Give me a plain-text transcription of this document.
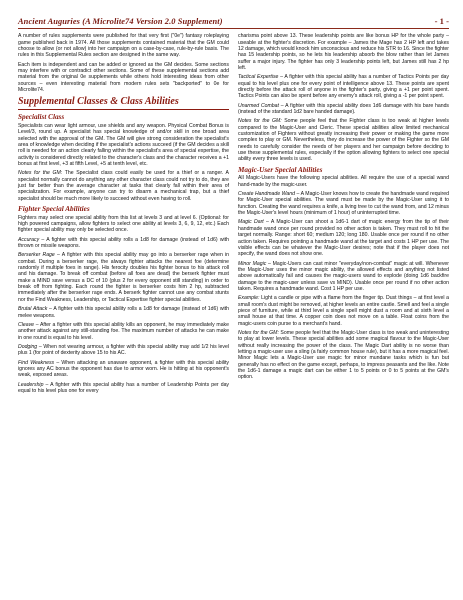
Ancient Auguries (A Microlite74 Version 2.0 Supplement)	- 1 -

A number of rules supplements were published for that very first ("0e") fantasy roleplaying game published back in 1974. All those supplements contained material that the GM could choose to allow (or not allow) into her campaign on a case-by-case, rule-by-rule basis. The rules in this Supplemental Rules section are designed in the same way.

Each item is independent and can be added or ignored as the GM decides. Some sections may interfere with or contradict other sections. Some of these supplemental sections add material from the original 0e supplements while others hold interesting ideas from other sources – even interesting material from modern rules sets "backported" to 0e for Microlite74.

Supplemental Classes & Class Abilities
Specialist Class

Specialists can wear light armour, use shields and any weapon. Physical Combat Bonus is Level/3, round up. A specialist has special knowledge of and/or skill in one broad area selected with the approval of the GM. The GM will give strong consideration the specialist's area of knowledge when deciding if the specialist's actions succeed (if the GM decides a skill roll is needed for an action clearly falling within the specialist's area of special expertise, the activity is considered directly related to the character's class and the character receives a +1 bonus at first level, +3 at fifth Level, +5 at tenth level, etc.

Notes for the GM: The Specialist class could easily be used for a thief or a ranger. A specialist normally cannot do anything any other character class could not try to do, they are just far better than the average character at tasks that clearly fall within their area of specialization. For example, anyone can try to disarm a mechanical trap, but a thief specialist should be much more likely to succeed without even having to roll.

Fighter Special Abilities

Fighters may select one special ability from this list at levels 3 and at level 6. (Optional: for high powered campaigns, allow fighters to select one ability at levels 3, 6, 9, 12, etc.) Each fighter special ability may only be selected once.

Accuracy – A fighter with this special ability rolls a 1d8 for damage (instead of 1d6) with thrown or missile weapons.

Berserker Rage – A fighter with this special ability may go into a berserker rage when in combat. During a berserker rage, the always fighter attacks the nearest foe (determine randomly if multiple foes in range). His ferocity doubles his fighter bonus to his attack roll and his damage. To break off combat (before all foes are dead) the berserk fighter must make a MIND save versus a DC of 10 (plus 2 for every opponent still standing) in order to break off from fighting. Each round the fighter is berserker costs him 2 hp, subtracted immediately after the berserker rage ends. A berserk fighter cannot use any combat stunts nor the Find Weakness, Leadership, or Tactical Expertise fighter special abilities.

Brutal Attack – A fighter with this special ability rolls a 1d8 for damage (instead of 1d6) with melee weapons.

Cleave – After a fighter with this special ability kills an opponent, he may immediately make another attack against any still-standing foe. The maximum number of attacks he can make in one round is equal to his level.

Dodging – When not wearing armour, a fighter with this special ability may add 1/2 his level plus 1 (for point of dexterity above 15 to his AC.

Find Weakness – When attacking an unaware opponent, a fighter with this special ability ignores any AC bonus the opponent has due to armor worn. He is hitting at his opponent's weak, exposed areas.

Leadership – A fighter with this special ability has a number of Leadership Points per day equal to his level plus one for every

charisma point above 13. These leadership points are like bonus HP for the whole party – useable at the fighter's discretion. For example – James the Mage has 2 HP left and takes 12 damage, which would knock him unconscious and reduce his STR to 16. Since the fighter has 15 leadership points, so he lets his leadership absorb the blow rather than let James suffer a major injury. The fighter has only 3 leadership points left, but James still has 2 hp left.

Tactical Expertise – A fighter with this special ability has a number of Tactics Points per day equal to his level plus one for every point of intelligence above 13. These points are spent directly before the attack roll of anyone in the fighter's party, giving a +1 per point spent. Tactics Points can also be spent before any enemy's attack roll, giving a -1 per point spent.

Unarmed Combat – A fighter with this special ability does 1d6 damage with his bare hands (instead of the standard 1d2 bare handed damage).

Notes for the GM: Some people feel that the Fighter class is too weak at higher levels compared to the Magic-User and Cleric. These special abilities allow limited mechanical customization of Fighters without greatly increasing their power or making the game more complex to play or GM. Nevertheless, they do increase the power of the Fighter so the GM needs to carefully consider the needs of her players and her campaign before deciding to use these supplemental rules, especially if the option allowing fighters to select one special ability every three levels is used.

Magic-User Special Abilities

All Magic-Users have the following special abilities. All require the use of a special wand hand-made by the magic-user.

Create Handmade Wand – A Magic-User knows how to create the handmade wand required for Magic-User special abilities. The wand must be made by the Magic-User using it to function. Creating the wand requires a knife, a living tree to cut the wand from, and 12 minus the Magic-User's level hours (minimum of 1 hour) of uninterrupted time.

Magic Dart – A Magic-User can shoot a 1d6-1 dart of magic energy from the tip of their handmade wand once per round provided no other action is taken. They must roll to hit the target normally. Range: short 60; medium 120; long 180. Usable once per round if no other action taken. Requires pointing a handmade wand at the target and costs 1 HP per use. The visible effects can be whatever the Magic-User desires; note that if the player does not specify, the wand does not show one.

Minor Magic – Magic-Users can cast minor "everyday/non-combat" magic at will. Whenever the Magic-User uses the minor magic ability, the allowed effects and anything not listed above automatically fail and causes the magic-users wand to explode (doing 1d6 backfire damage to the magic-user unless save vs MIND). Usable once per round if no other action taken. Requires a handmade wand. Cost 1 HP per use.

Example: Light a candle or pipe with a flame from the finger tip. Dust things – at first level a small room's dust might be removed, at higher levels an entire castle. Smell and feel a single piece of furniture, while at third level a single spell might dust a room and at sixth level a small house at that time. A copper coin does not move on a table. Float coins from the magic-users coin purse to a merchant's hand.

Notes for the GM: Some people feel that the Magic-User class is too weak and uninteresting to play at lower levels. These special abilities add some magical flavour to the Magic-User without really increasing the power of the class. The Magic Dart ability is no worse than letting a magic-user use a sling (a fairly common house rule), but it has a more magical feel. Minor Magic lets a Magic-User use magic for minor mundane tasks which is fun but generally has no effect on the game except, perhaps, to impress peasants and the like. Note the 1d6-1 damage a magic dart can be either 1 to 5 points or 0 to 5 points at the GM's option.
